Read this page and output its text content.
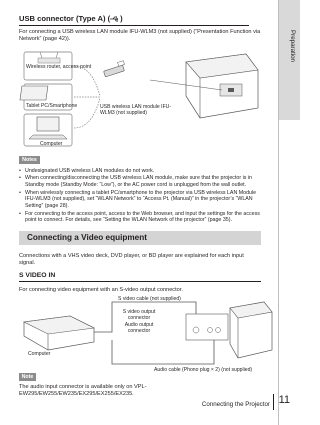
Preparation
USB connector (Type A) ( )
For connecting a USB wireless LAN module IFU-WLM3 (not supplied) (“Presentation Function via Network” (page 42)).
Wireless router, access point
Tablet PC/Smartphone
Computer
USB wireless LAN module IFU-WLM3 (not supplied)
Notes
• Undesignated USB wireless LAN modules do not work.
• When connecting/disconnecting the USB wireless LAN module, make sure that the projector is in Standby mode (Standby Mode: “Low”), or the AC power cord is unplugged from the wall outlet.
• When wirelessly connecting a tablet PC/smartphone to the projector via USB wireless LAN Module IFU-WLM3 (not supplied), set “WLAN Network” to “Access Pt. (Manual)” in the projector’s “WLAN Setting” (page 28).
• For connecting to the access point, access to the Web browser, and input the settings for the access point to connect. For details, see “Setting the WLAN Network of the projector” (page 35).
Connecting a Video equipment
Connections with a VHS video deck, DVD player, or BD player are explained for each input signal.
S VIDEO IN
For connecting video equipment with an S-video output connector.
S video cable (not supplied)
Computer
S video output connector
Audio output connector
Audio cable (Phono plug × 2) (not supplied)
Note
The audio input connector is available only on VPL-EW295/EW255/EW235/EX295/EX255/EX235.
Connecting the Projector 11
